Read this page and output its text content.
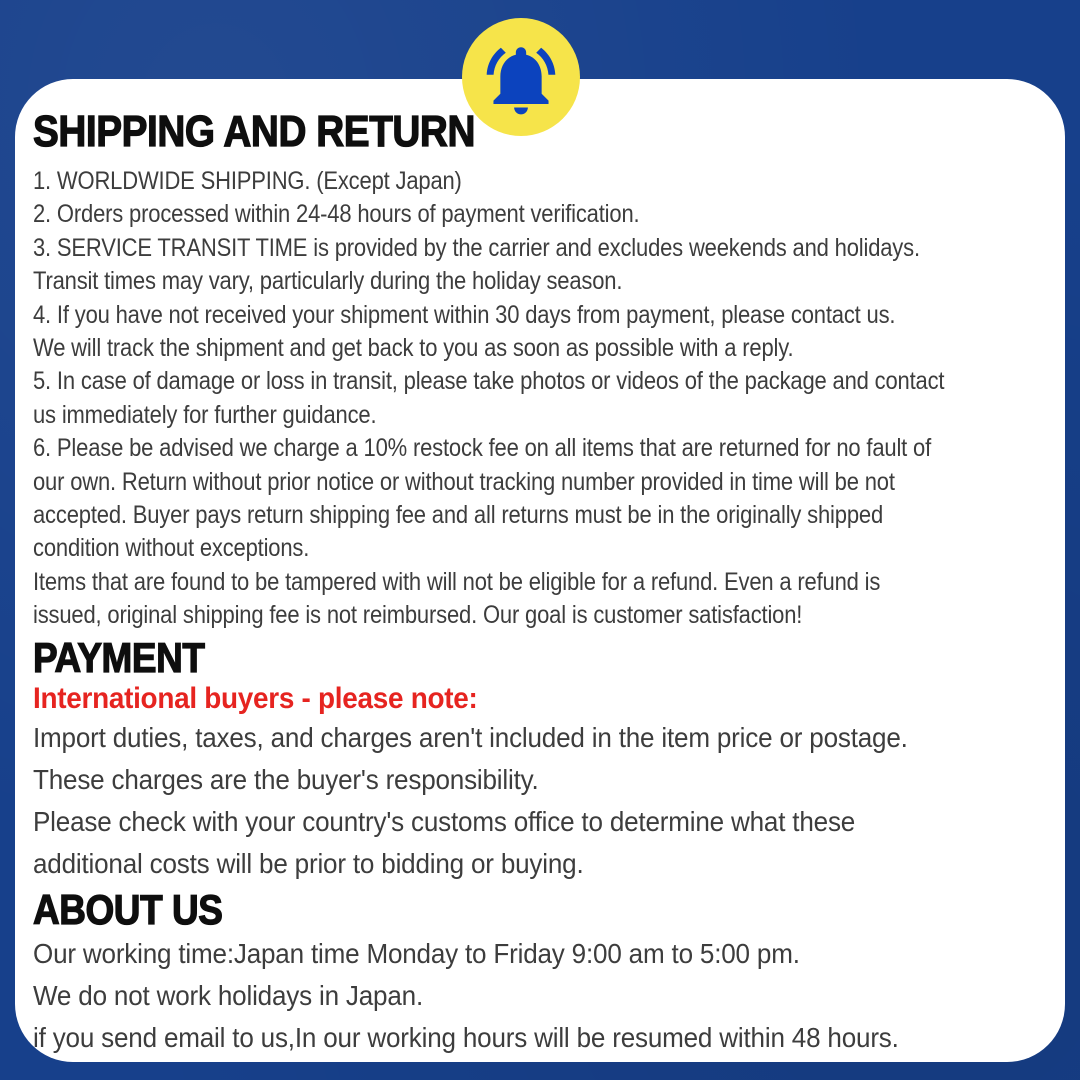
SHIPPING AND RETURN
1. WORLDWIDE SHIPPING. (Except Japan)
2. Orders processed within 24-48 hours of payment verification.
3. SERVICE TRANSIT TIME is provided by the carrier and excludes weekends and holidays.
Transit times may vary, particularly during the holiday season.
4. If you have not received your shipment within 30 days from payment, please contact us.
We will track the shipment and get back to you as soon as possible with a reply.
5. In case of damage or loss in transit, please take photos or videos of the package and contact
us immediately for further guidance.
6. Please be advised we charge a 10% restock fee on all items that are returned for no fault of
our own. Return without prior notice or without tracking number provided in time will be not
accepted. Buyer pays return shipping fee and all returns must be in the originally shipped
condition without exceptions.
Items that are found to be tampered with will not be eligible for a refund. Even a refund is
issued, original shipping fee is not reimbursed. Our goal is customer satisfaction!
PAYMENT
International buyers - please note:
Import duties, taxes, and charges aren't included in the item price or postage.
These charges are the buyer's responsibility.
Please check with your country's customs office to determine what these
additional costs will be prior to bidding or buying.
ABOUT US
Our working time:Japan time Monday to Friday 9:00 am to 5:00 pm.
We do not work holidays in Japan.
if you send email to us,In our working hours will be resumed within 48 hours.
